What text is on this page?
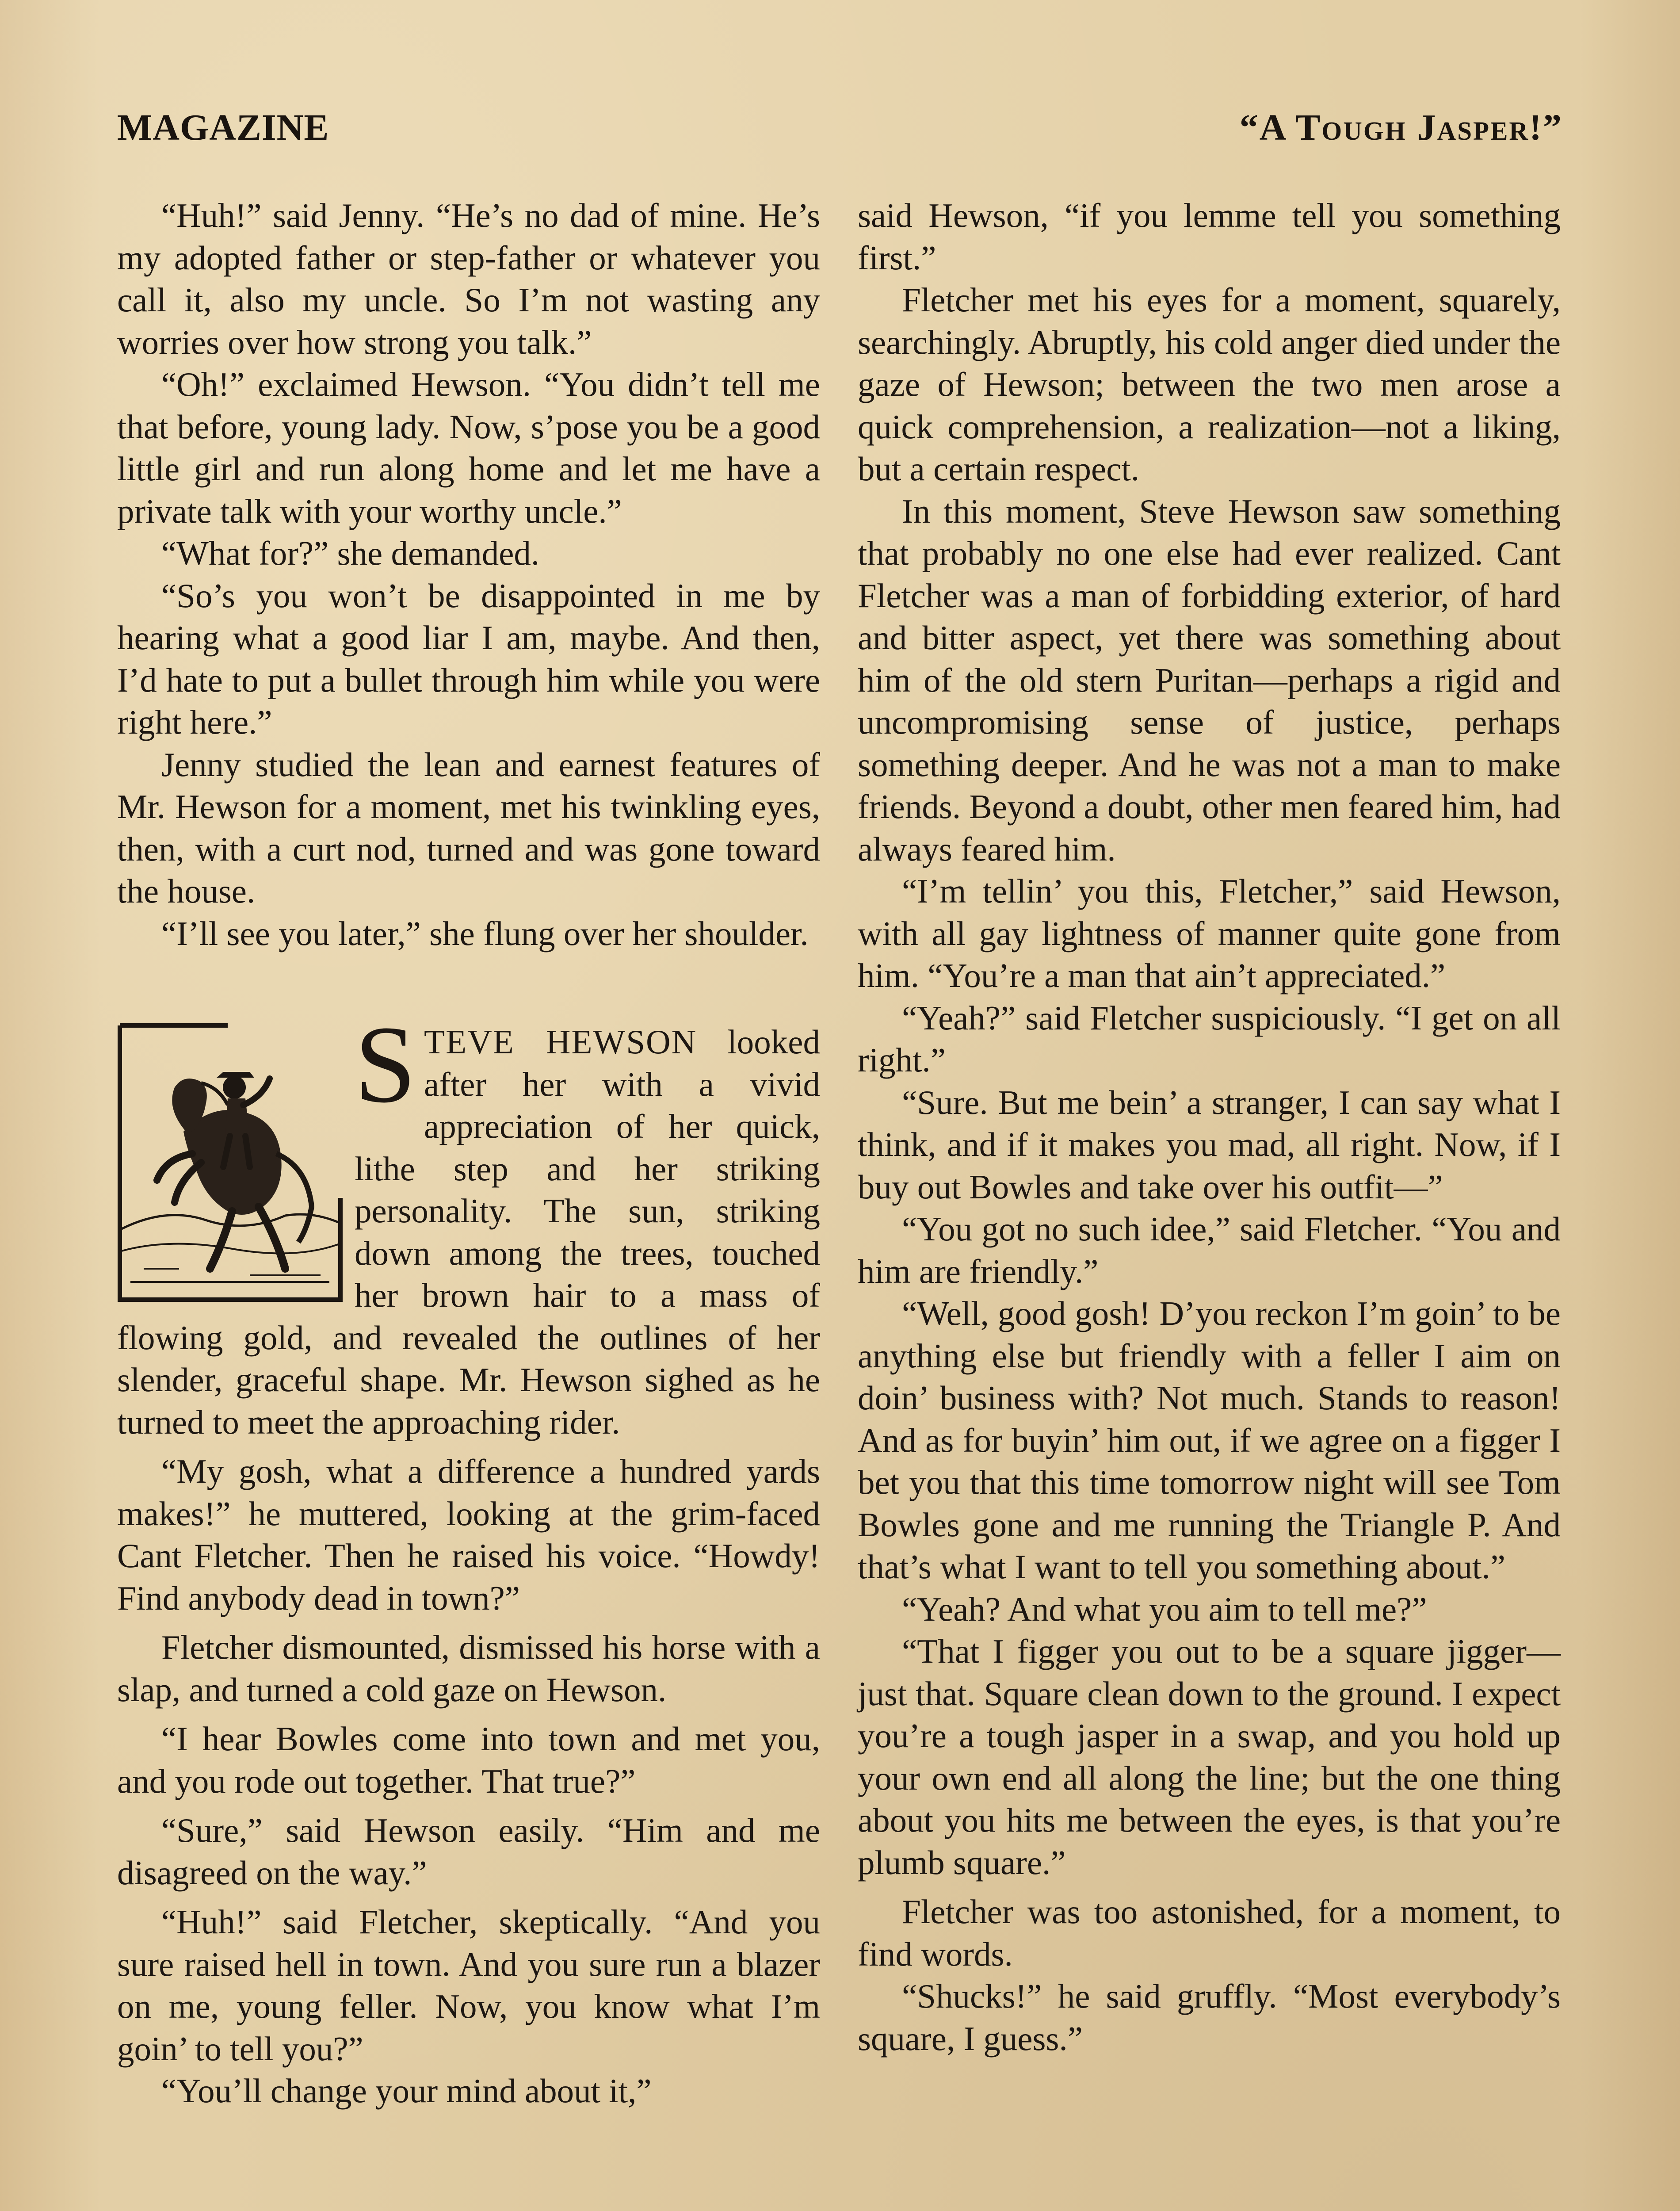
MAGAZINE	“A Tough Jasper!”

“Huh!” said Jenny. “He’s no dad of mine. He’s my adopted father or step-father or whatever you call it, also my uncle. So I’m not wasting any worries over how strong you talk.”

“Oh!” exclaimed Hewson. “You didn’t tell me that before, young lady. Now, s’pose you be a good little girl and run along home and let me have a private talk with your worthy uncle.”

“What for?” she demanded.

“So’s you won’t be disappointed in me by hearing what a good liar I am, maybe. And then, I’d hate to put a bullet through him while you were right here.”

Jenny studied the lean and earnest features of Mr. Hewson for a moment, met his twinkling eyes, then, with a curt nod, turned and was gone toward the house.

“I’ll see you later,” she flung over her shoulder.

STEVE HEWSON looked after her with a vivid appreciation of her quick, lithe step and her striking personality. The sun, striking down among the trees, touched her brown hair to a mass of flowing gold, and revealed the outlines of her slender, graceful shape. Mr. Hewson sighed as he turned to meet the approaching rider.

“My gosh, what a difference a hundred yards makes!” he muttered, looking at the grim-faced Cant Fletcher. Then he raised his voice. “Howdy! Find anybody dead in town?”

Fletcher dismounted, dismissed his horse with a slap, and turned a cold gaze on Hewson.

“I hear Bowles come into town and met you, and you rode out together. That true?”

“Sure,” said Hewson easily. “Him and me disagreed on the way.”

“Huh!” said Fletcher, skeptically. “And you sure raised hell in town. And you sure run a blazer on me, young feller. Now, you know what I’m goin’ to tell you?”

“You’ll change your mind about it,”

said Hewson, “if you lemme tell you something first.”

Fletcher met his eyes for a moment, squarely, searchingly. Abruptly, his cold anger died under the gaze of Hewson; between the two men arose a quick comprehension, a realization—not a liking, but a certain respect.

In this moment, Steve Hewson saw something that probably no one else had ever realized. Cant Fletcher was a man of forbidding exterior, of hard and bitter aspect, yet there was something about him of the old stern Puritan—perhaps a rigid and uncompromising sense of justice, perhaps something deeper. And he was not a man to make friends. Beyond a doubt, other men feared him, had always feared him.

“I’m tellin’ you this, Fletcher,” said Hewson, with all gay lightness of manner quite gone from him. “You’re a man that ain’t appreciated.”

“Yeah?” said Fletcher suspiciously. “I get on all right.”

“Sure. But me bein’ a stranger, I can say what I think, and if it makes you mad, all right. Now, if I buy out Bowles and take over his outfit—”

“You got no such idee,” said Fletcher. “You and him are friendly.”

“Well, good gosh! D’you reckon I’m goin’ to be anything else but friendly with a feller I aim on doin’ business with? Not much. Stands to reason! And as for buyin’ him out, if we agree on a figger I bet you that this time tomorrow night will see Tom Bowles gone and me running the Triangle P. And that’s what I want to tell you something about.”

“Yeah? And what you aim to tell me?”

“That I figger you out to be a square jigger—just that. Square clean down to the ground. I expect you’re a tough jasper in a swap, and you hold up your own end all along the line; but the one thing about you hits me between the eyes, is that you’re plumb square.”

Fletcher was too astonished, for a moment, to find words.

“Shucks!” he said gruffly. “Most everybody’s square, I guess.”
